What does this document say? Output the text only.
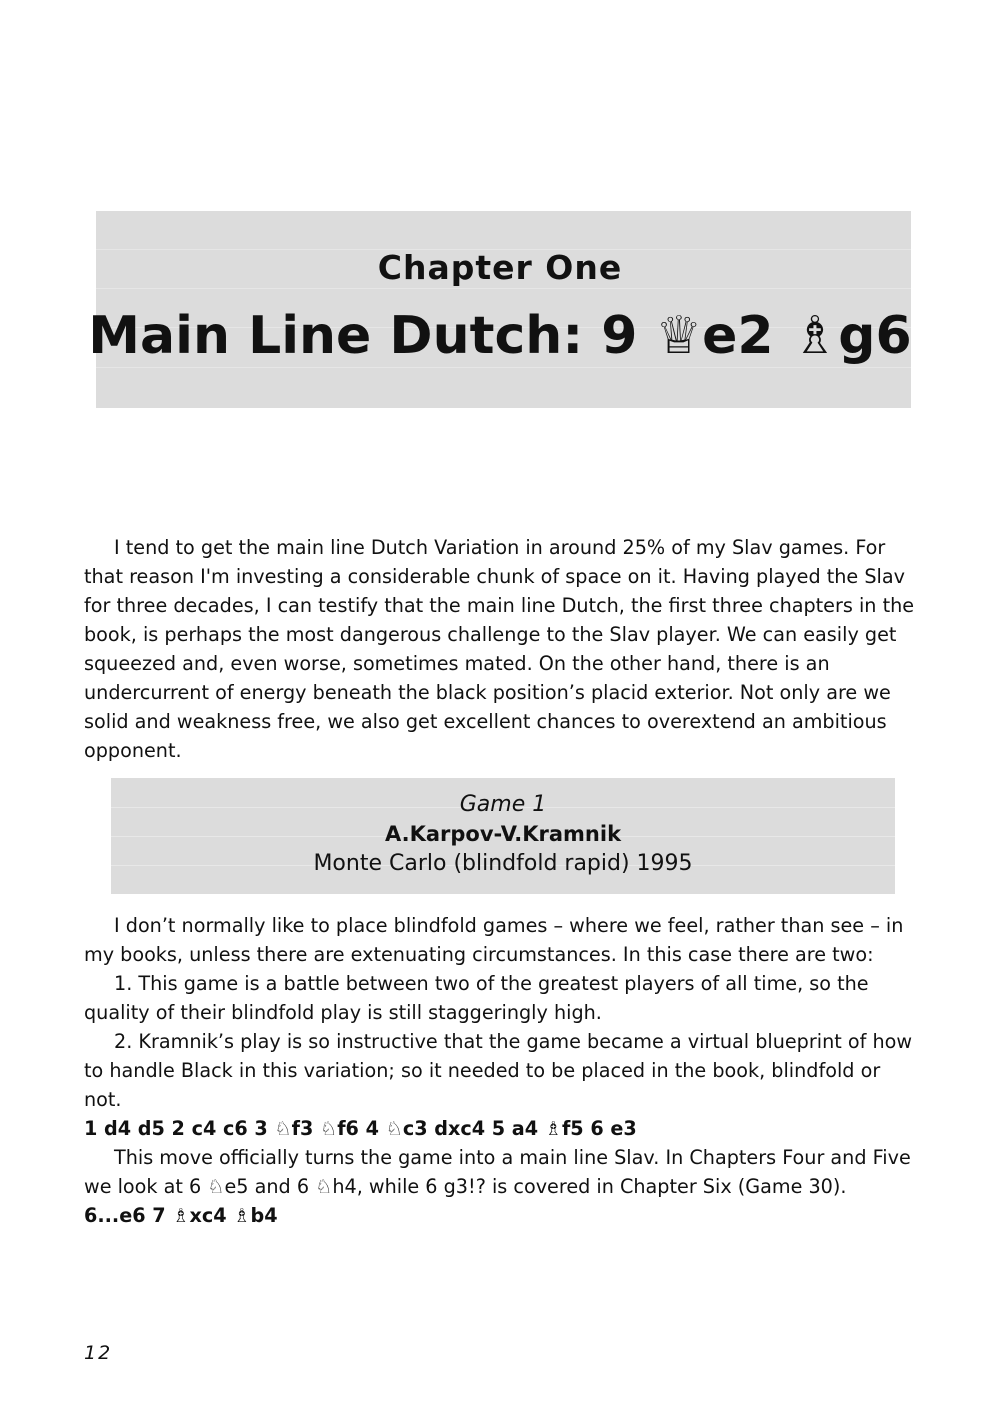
Chapter One
Main Line Dutch: 9 ♕e2 ♗g6

I tend to get the main line Dutch Variation in around 25% of my Slav games. For that reason I'm investing a considerable chunk of space on it. Having played the Slav for three decades, I can testify that the main line Dutch, the first three chapters in the book, is perhaps the most dangerous challenge to the Slav player. We can easily get squeezed and, even worse, sometimes mated. On the other hand, there is an undercurrent of energy beneath the black position’s placid exterior. Not only are we solid and weakness free, we also get excellent chances to overextend an ambitious opponent.

Game 1
A.Karpov-V.Kramnik
Monte Carlo (blindfold rapid) 1995

I don’t normally like to place blindfold games – where we feel, rather than see – in my books, unless there are extenuating circumstances. In this case there are two:

1. This game is a battle between two of the greatest players of all time, so the quality of their blindfold play is still staggeringly high.

2. Kramnik’s play is so instructive that the game became a virtual blueprint of how to handle Black in this variation; so it needed to be placed in the book, blindfold or not.

1 d4 d5 2 c4 c6 3 ♘f3 ♘f6 4 ♘c3 dxc4 5 a4 ♗f5 6 e3

This move officially turns the game into a main line Slav. In Chapters Four and Five we look at 6 ♘e5 and 6 ♘h4, while 6 g3!? is covered in Chapter Six (Game 30).

6...e6 7 ♗xc4 ♗b4

12
